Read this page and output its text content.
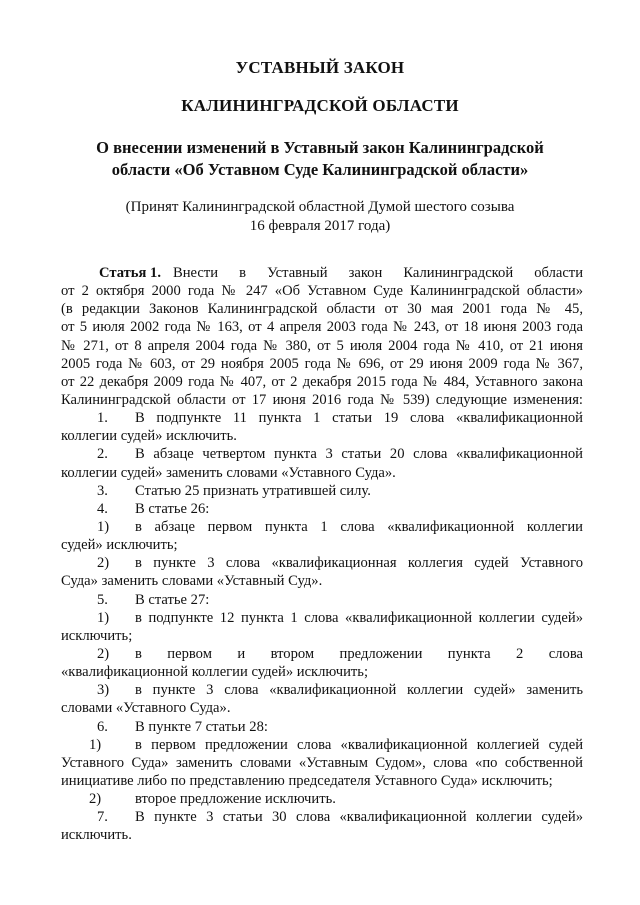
УСТАВНЫЙ ЗАКОН
КАЛИНИНГРАДСКОЙ ОБЛАСТИ
О внесении изменений в Уставный закон Калининградской
области «Об Уставном Суде Калининградской области»
(Принят Калининградской областной Думой шестого созыва
16 февраля 2017 года)
Статья 1. Внести в Уставный закон Калининградской области
от 2 октября 2000 года № 247 «Об Уставном Суде Калининградской области»
(в редакции Законов Калининградской области от 30 мая 2001 года № 45,
от 5 июля 2002 года № 163, от 4 апреля 2003 года № 243, от 18 июня 2003 года
№ 271, от 8 апреля 2004 года № 380, от 5 июля 2004 года № 410, от 21 июня
2005 года № 603, от 29 ноября 2005 года № 696, от 29 июня 2009 года № 367,
от 22 декабря 2009 года № 407, от 2 декабря 2015 года № 484, Уставного закона
Калининградской области от 17 июня 2016 года № 539) следующие изменения:
1. В подпункте 11 пункта 1 статьи 19 слова «квалификационной
коллегии судей» исключить.
2. В абзаце четвертом пункта 3 статьи 20 слова «квалификационной
коллегии судей» заменить словами «Уставного Суда».
3. Статью 25 признать утратившей силу.
4. В статье 26:
1) в абзаце первом пункта 1 слова «квалификационной коллегии
судей» исключить;
2) в пункте 3 слова «квалификационная коллегия судей Уставного
Суда» заменить словами «Уставный Суд».
5. В статье 27:
1) в подпункте 12 пункта 1 слова «квалификационной коллегии судей»
исключить;
2) в первом и втором предложении пункта 2 слова
«квалификационной коллегии судей» исключить;
3) в пункте 3 слова «квалификационной коллегии судей» заменить
словами «Уставного Суда».
6. В пункте 7 статьи 28:
1) в первом предложении слова «квалификационной коллегией судей
Уставного Суда» заменить словами «Уставным Судом», слова «по собственной
инициативе либо по представлению председателя Уставного Суда» исключить;
2) второе предложение исключить.
7. В пункте 3 статьи 30 слова «квалификационной коллегии судей»
исключить.
